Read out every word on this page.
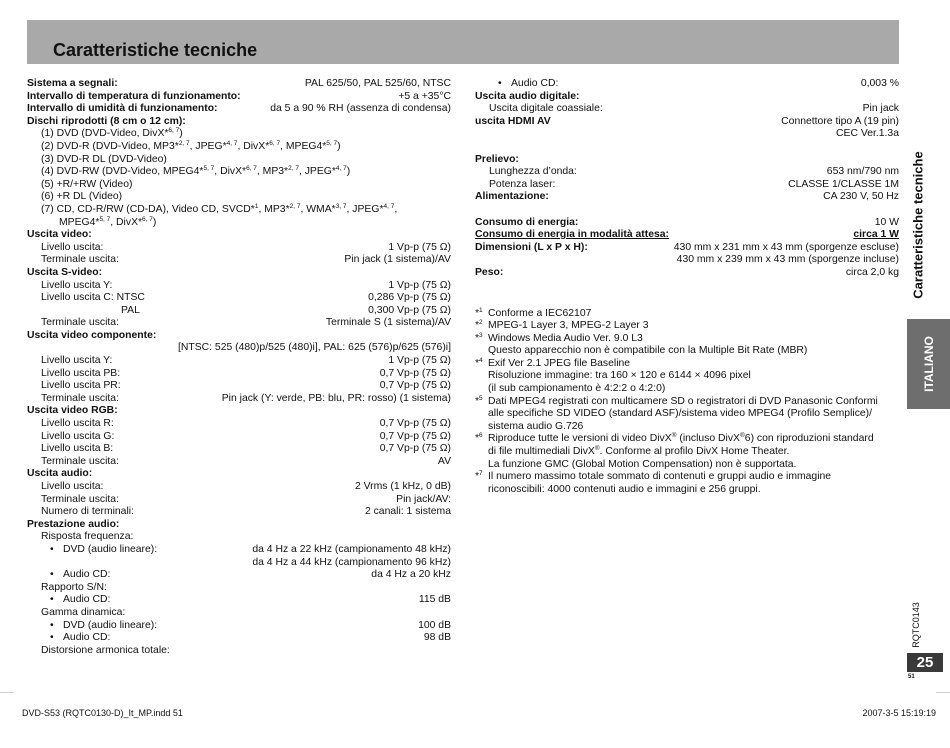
Caratteristiche tecniche
Sistema a segnali:	PAL 625/50, PAL 525/60, NTSC
Intervallo di temperatura di funzionamento:	+5 a +35°C
Intervallo di umidità di funzionamento:	da 5 a 90 % RH (assenza di condensa)
Dischi riprodotti (8 cm o 12 cm):
(1) DVD (DVD-Video, DivX*$^{6, 7}$)
(2) DVD-R (DVD-Video, MP3*$^{2, 7}$, JPEG*$^{4, 7}$, DivX*$^{6, 7}$, MPEG4*$^{5, 7}$)
(3) DVD-R DL (DVD-Video)
(4) DVD-RW (DVD-Video, MPEG4*$^{5, 7}$, DivX*$^{6, 7}$, MP3*$^{2, 7}$, JPEG*$^{4, 7}$)
(5) +R/+RW (Video)
(6) +R DL (Video)
(7) CD, CD-R/RW (CD-DA), Video CD, SVCD*$^1$, MP3*$^{2, 7}$, WMA*$^{3, 7}$, JPEG*$^{4, 7}$,
MPEG4*$^{5, 7}$, DivX*$^{6, 7}$)
Uscita video:
Livello uscita:	1 Vp-p (75 Ω)
Terminale uscita:	Pin jack (1 sistema)/AV
Uscita S-video:
Livello uscita Y:	1 Vp-p (75 Ω)
Livello uscita C: NTSC	0,286 Vp-p (75 Ω)
PAL	0,300 Vp-p (75 Ω)
Terminale uscita:	Terminale S (1 sistema)/AV
Uscita video componente:
[NTSC: 525 (480)p/525 (480)i], PAL: 625 (576)p/625 (576)i]
Livello uscita Y:	1 Vp-p (75 Ω)
Livello uscita PB:	0,7 Vp-p (75 Ω)
Livello uscita PR:	0,7 Vp-p (75 Ω)
Terminale uscita:	Pin jack (Y: verde, PB: blu, PR: rosso) (1 sistema)
Uscita video RGB:
Livello uscita R:	0,7 Vp-p (75 Ω)
Livello uscita G:	0,7 Vp-p (75 Ω)
Livello uscita B:	0,7 Vp-p (75 Ω)
Terminale uscita:	AV
Uscita audio:
Livello uscita:	2 Vrms (1 kHz, 0 dB)
Terminale uscita:	Pin jack/AV:
Numero di terminali:	2 canali: 1 sistema
Prestazione audio:
Risposta frequenza:
• DVD (audio lineare):	da 4 Hz a 22 kHz (campionamento 48 kHz)
da 4 Hz a 44 kHz (campionamento 96 kHz)
• Audio CD:	da 4 Hz a 20 kHz
Rapporto S/N:
• Audio CD:	115 dB
Gamma dinamica:
• DVD (audio lineare):	100 dB
• Audio CD:	98 dB
Distorsione armonica totale:
• Audio CD:	0,003 %
Uscita audio digitale:
Uscita digitale coassiale:	Pin jack
uscita HDMI AV	Connettore tipo A (19 pin)
CEC Ver.1.3a
Prelievo:
Lunghezza d’onda:	653 nm/790 nm
Potenza laser:	CLASSE 1/CLASSE 1M
Alimentazione:	CA 230 V, 50 Hz
Consumo di energia:	10 W
Consumo di energia in modalità attesa:	circa 1 W
Dimensioni (L x P x H):	430 mm x 231 mm x 43 mm (sporgenze escluse)
430 mm x 239 mm x 43 mm (sporgenze incluse)
Peso:	circa 2,0 kg
*$^1$ Conforme a IEC62107
*$^2$ MPEG-1 Layer 3, MPEG-2 Layer 3
*$^3$ Windows Media Audio Ver. 9.0 L3
Questo apparecchio non è compatibile con la Multiple Bit Rate (MBR)
*$^4$ Exif Ver 2.1 JPEG file Baseline
Risoluzione immagine: tra 160 × 120 e 6144 × 4096 pixel
(il sub campionamento è 4:2:2 o 4:2:0)
*$^5$ Dati MPEG4 registrati con multicamere SD o registratori di DVD Panasonic Conformi
alle specifiche SD VIDEO (standard ASF)/sistema video MPEG4 (Profilo Semplice)/
sistema audio G.726
*$^6$ Riproduce tutte le versioni di video DivX® (incluso DivX®6) con riproduzioni standard
di file multimediali DivX®. Conforme al profilo DivX Home Theater.
La funzione GMC (Global Motion Compensation) non è supportata.
*$^7$ Il numero massimo totale sommato di contenuti e gruppi audio e immagine
riconoscibili: 4000 contenuti audio e immagini e 256 gruppi.
Caratteristiche tecniche
ITALIANO
RQTC0143
25
51
DVD-S53 (RQTC0130-D)_It_MP.indd 51	2007-3-5 15:19:19
